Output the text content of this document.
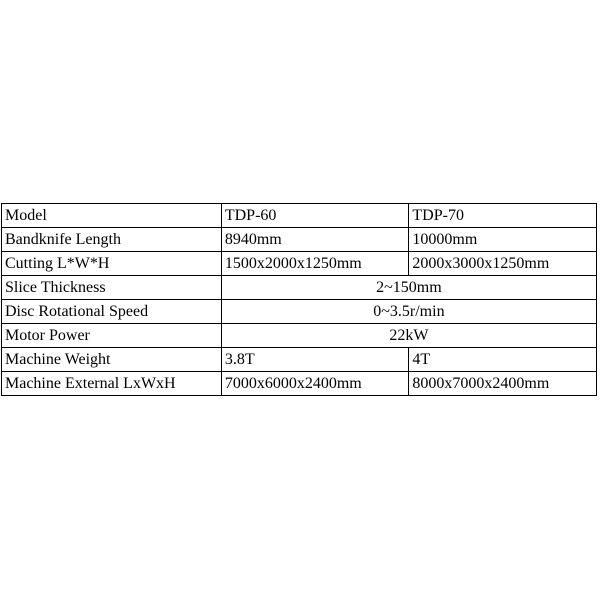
Model	TDP-60	TDP-70
Bandknife Length	8940mm	10000mm
Cutting L*W*H	1500x2000x1250mm	2000x3000x1250mm
Slice Thickness	2~150mm	
Disc Rotational Speed	0~3.5r/min	
Motor Power	22kW	
Machine Weight	3.8T	4T
Machine External LxWxH	7000x6000x2400mm	8000x7000x2400mm
